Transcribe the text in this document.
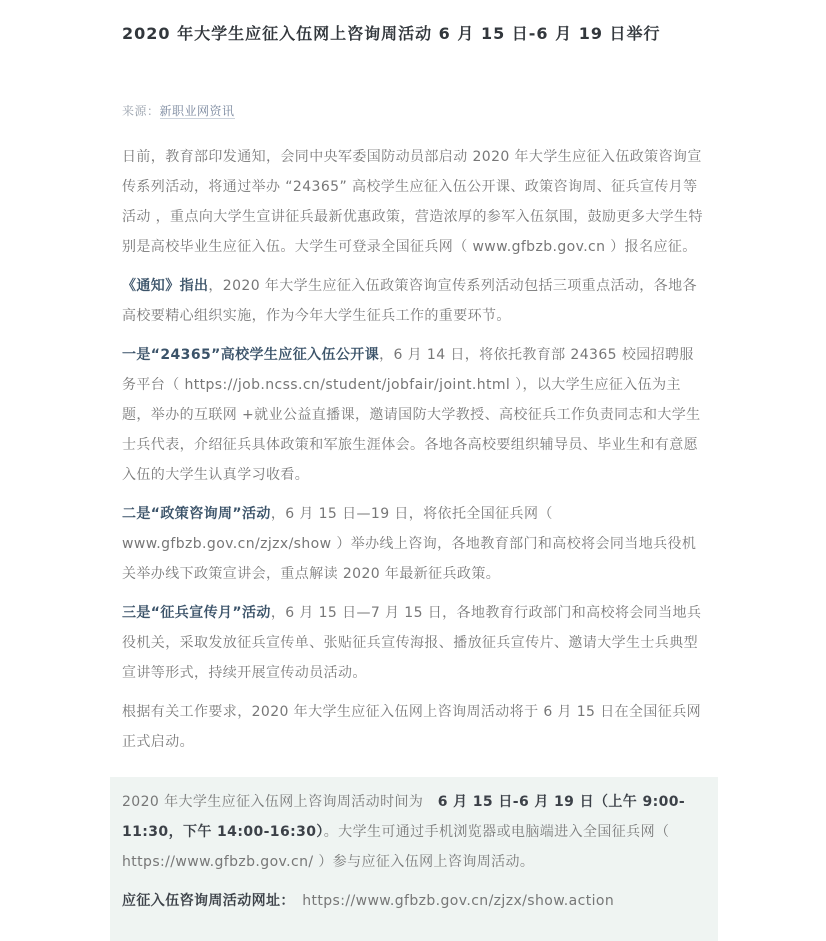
2020 年大学生应征入伍网上咨询周活动 6 月 15 日-6 月 19 日举行
来源：新职业网资讯

日前，教育部印发通知，会同中央军委国防动员部启动 2020 年大学生应征入伍政策咨询宣传系列活动，将通过举办 “24365” 高校学生应征入伍公开课、政策咨询周、征兵宣传月等活动 ，重点向大学生宣讲征兵最新优惠政策，营造浓厚的参军入伍氛围，鼓励更多大学生特别是高校毕业生应征入伍。大学生可登录全国征兵网（ www.gfbzb.gov.cn ）报名应征。

《通知》指出，2020 年大学生应征入伍政策咨询宣传系列活动包括三项重点活动，各地各高校要精心组织实施，作为今年大学生征兵工作的重要环节。

一是“24365”高校学生应征入伍公开课，6 月 14 日，将依托教育部 24365 校园招聘服务平台（ https://job.ncss.cn/student/jobfair/joint.html ），以大学生应征入伍为主题，举办的互联网 +就业公益直播课，邀请国防大学教授、高校征兵工作负责同志和大学生士兵代表，介绍征兵具体政策和军旅生涯体会。各地各高校要组织辅导员、毕业生和有意愿入伍的大学生认真学习收看。

二是“政策咨询周”活动，6 月 15 日—19 日，将依托全国征兵网（ www.gfbzb.gov.cn/zjzx/show ）举办线上咨询，各地教育部门和高校将会同当地兵役机关举办线下政策宣讲会，重点解读 2020 年最新征兵政策。

三是“征兵宣传月”活动，6 月 15 日—7 月 15 日，各地教育行政部门和高校将会同当地兵役机关，采取发放征兵宣传单、张贴征兵宣传海报、播放征兵宣传片、邀请大学生士兵典型宣讲等形式，持续开展宣传动员活动。

根据有关工作要求，2020 年大学生应征入伍网上咨询周活动将于 6 月 15 日在全国征兵网正式启动。

2020 年大学生应征入伍网上咨询周活动时间为　6 月 15 日-6 月 19 日（上午 9:00-11:30，下午 14:00-16:30）。大学生可通过手机浏览器或电脑端进入全国征兵网（　 https://www.gfbzb.gov.cn/ ）参与应征入伍网上咨询周活动。

应征入伍咨询周活动网址：　https://www.gfbzb.gov.cn/zjzx/show.action
